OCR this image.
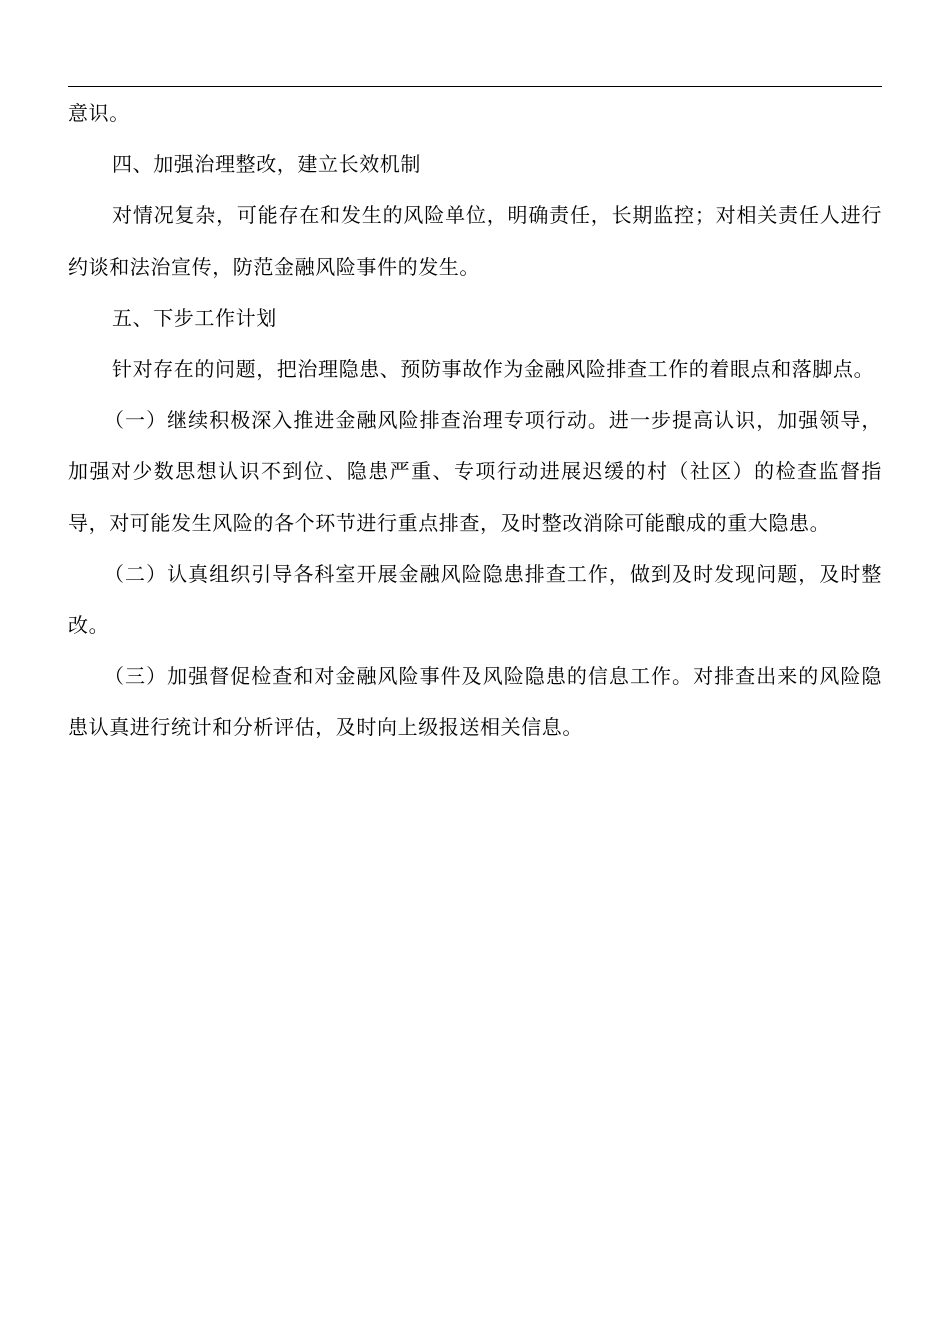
意识。

四、加强治理整改，建立长效机制

对情况复杂，可能存在和发生的风险单位，明确责任，长期监控；对相关责任人进行约谈和法治宣传，防范金融风险事件的发生。

五、下步工作计划

针对存在的问题，把治理隐患、预防事故作为金融风险排查工作的着眼点和落脚点。

（一）继续积极深入推进金融风险排查治理专项行动。进一步提高认识，加强领导，加强对少数思想认识不到位、隐患严重、专项行动进展迟缓的村（社区）的检查监督指导，对可能发生风险的各个环节进行重点排查，及时整改消除可能酿成的重大隐患。

（二）认真组织引导各科室开展金融风险隐患排查工作，做到及时发现问题，及时整改。

（三）加强督促检查和对金融风险事件及风险隐患的信息工作。对排查出来的风险隐患认真进行统计和分析评估，及时向上级报送相关信息。
